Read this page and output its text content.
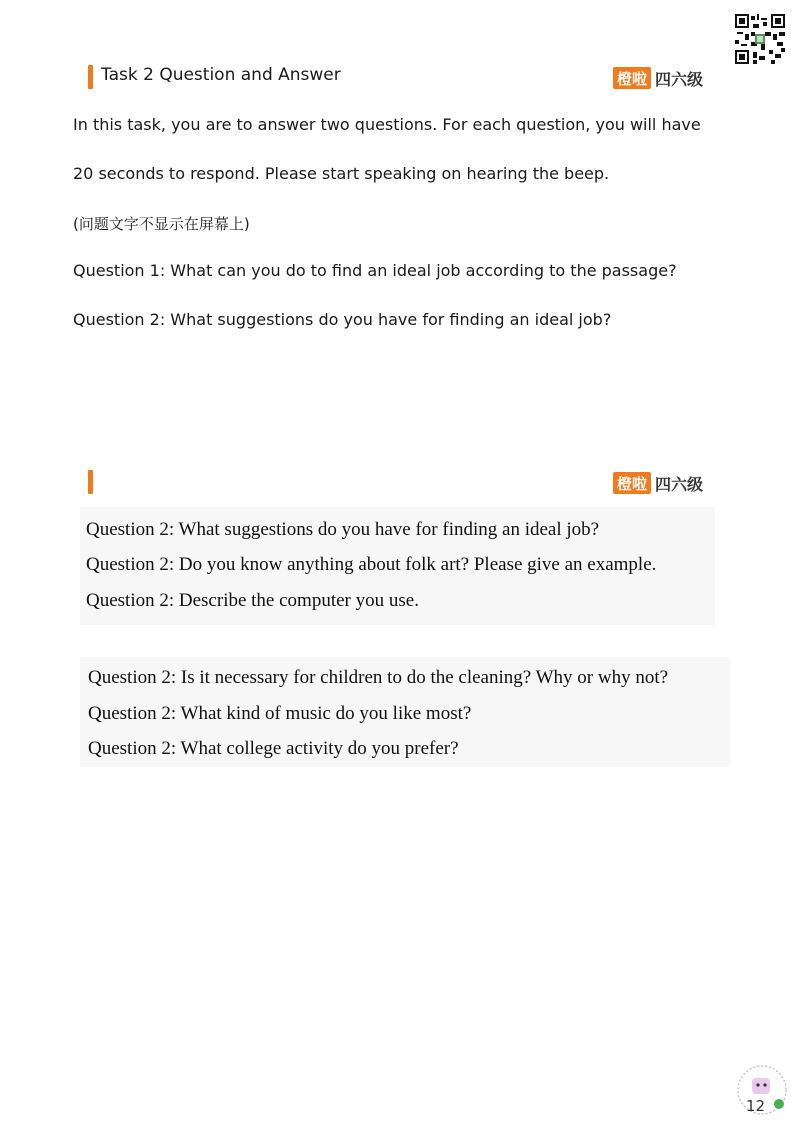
Task 2 Question and Answer	橙啦 四六级
In this task, you are to answer two questions. For each question, you will have
20 seconds to respond. Please start speaking on hearing the beep.
(问题文字不显示在屏幕上)
Question 1: What can you do to find an ideal job according to the passage?
Question 2: What suggestions do you have for finding an ideal job?
橙啦 四六级
Question 2: What suggestions do you have for finding an ideal job?
Question 2: Do you know anything about folk art? Please give an example.
Question 2: Describe the computer you use.
Question 2: Is it necessary for children to do the cleaning? Why or why not?
Question 2: What kind of music do you like most?
Question 2: What college activity do you prefer?
12
